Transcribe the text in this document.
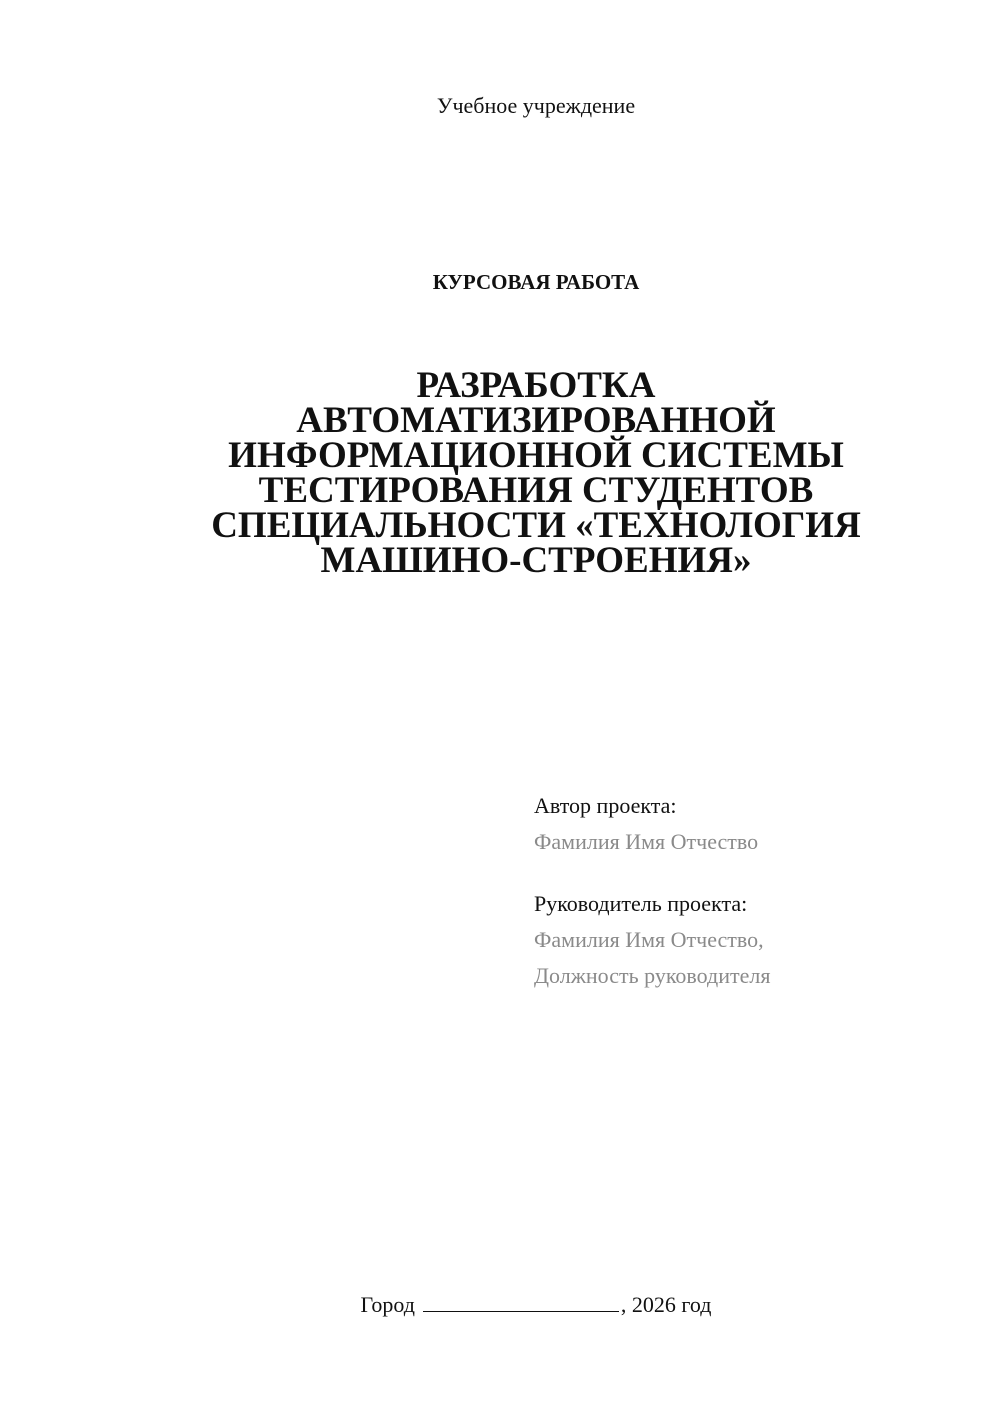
Учебное учреждение
КУРСОВАЯ РАБОТА
РАЗРАБОТКА
АВТОМАТИЗИРОВАННОЙ
ИНФОРМАЦИОННОЙ СИСТЕМЫ
ТЕСТИРОВАНИЯ СТУДЕНТОВ
СПЕЦИАЛЬНОСТИ «ТЕХНОЛОГИЯ
МАШИНО-СТРОЕНИЯ»
Автор проекта:
Фамилия Имя Отчество
Руководитель проекта:
Фамилия Имя Отчество,
Должность руководителя
Город	, 2026 год
